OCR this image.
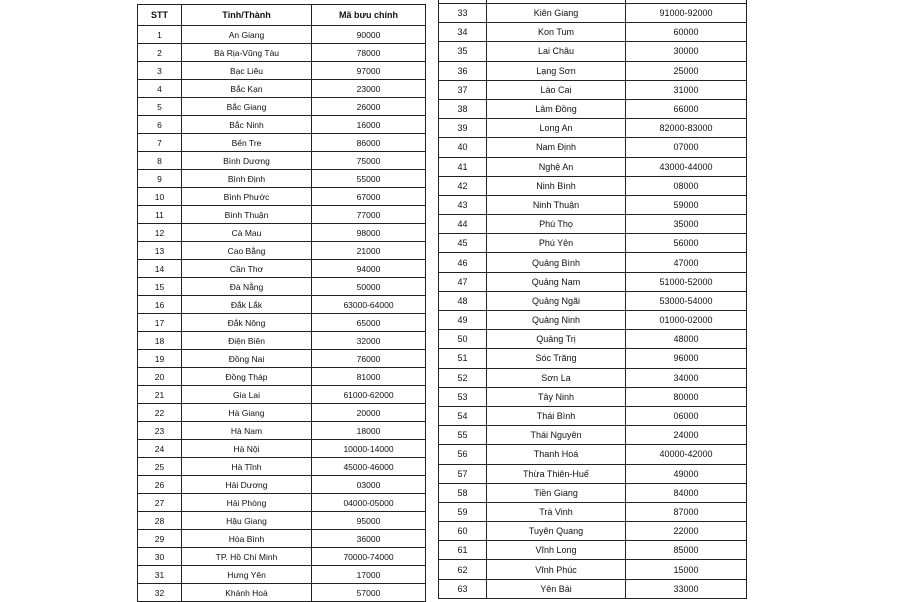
STT	Tỉnh/Thành	Mã bưu chính
1	An Giang	90000
2	Bà Rịa-Vũng Tàu	78000
3	Bạc Liêu	97000
4	Bắc Kạn	23000
5	Bắc Giang	26000
6	Bắc Ninh	16000
7	Bến Tre	86000
8	Bình Dương	75000
9	Bình Định	55000
10	Bình Phước	67000
11	Bình Thuận	77000
12	Cà Mau	98000
13	Cao Bằng	21000
14	Cần Thơ	94000
15	Đà Nẵng	50000
16	Đắk Lắk	63000-64000
17	Đắk Nông	65000
18	Điện Biên	32000
19	Đồng Nai	76000
20	Đồng Tháp	81000
21	Gia Lai	61000-62000
22	Hà Giang	20000
23	Hà Nam	18000
24	Hà Nội	10000-14000
25	Hà Tĩnh	45000-46000
26	Hải Dương	03000
27	Hải Phòng	04000-05000
28	Hậu Giang	95000
29	Hòa Bình	36000
30	TP. Hồ Chí Minh	70000-74000
31	Hưng Yên	17000
32	Khánh Hoà	57000

33	Kiên Giang	91000-92000
34	Kon Tum	60000
35	Lai Châu	30000
36	Lạng Sơn	25000
37	Lào Cai	31000
38	Lâm Đồng	66000
39	Long An	82000-83000
40	Nam Định	07000
41	Nghệ An	43000-44000
42	Ninh Bình	08000
43	Ninh Thuận	59000
44	Phú Thọ	35000
45	Phú Yên	56000
46	Quảng Bình	47000
47	Quảng Nam	51000-52000
48	Quảng Ngãi	53000-54000
49	Quảng Ninh	01000-02000
50	Quảng Trị	48000
51	Sóc Trăng	96000
52	Sơn La	34000
53	Tây Ninh	80000
54	Thái Bình	06000
55	Thái Nguyên	24000
56	Thanh Hoá	40000-42000
57	Thừa Thiên-Huế	49000
58	Tiền Giang	84000
59	Trà Vinh	87000
60	Tuyên Quang	22000
61	Vĩnh Long	85000
62	Vĩnh Phúc	15000
63	Yên Bái	33000
